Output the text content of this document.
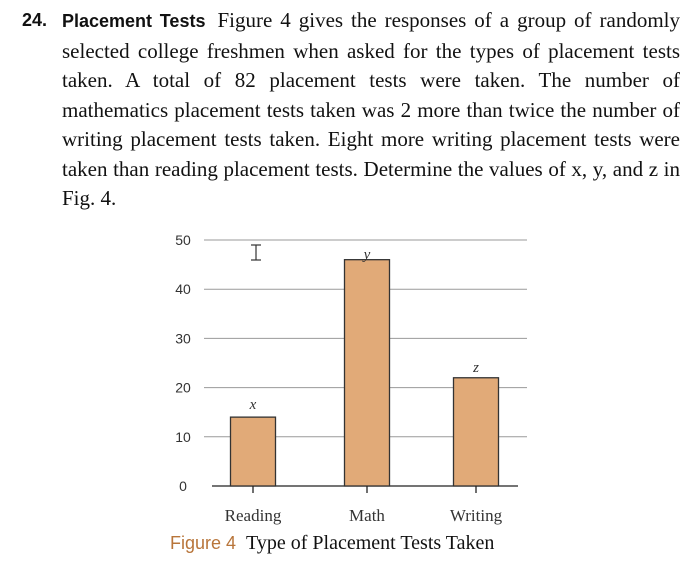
24. Placement Tests Figure 4 gives the responses of a group of randomly selected college freshmen when asked for the types of placement tests taken. A total of 82 placement tests were taken. The number of mathematics placement tests taken was 2 more than twice the number of writing placement tests taken. Eight more writing placement tests were taken than reading placement tests. Determine the values of x, y, and z in Fig. 4.
0
10
20
30
40
50
Reading	Math	Writing
x
y
z
Figure 4 Type of Placement Tests Taken
